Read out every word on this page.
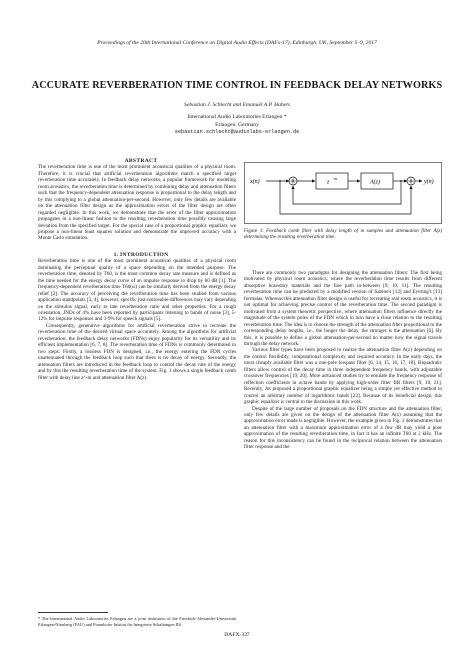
Proceedings of the 20th International Conference on Digital Audio Effects (DAFx-17), Edinburgh, UK, September 5–9, 2017
ACCURATE REVERBERATION TIME CONTROL IN FEEDBACK DELAY NETWORKS
Sebastian J. Schlecht and Emanuël A.P. Habets
International Audio Laboratories Erlangen *
Erlangen, Germany
sebastian.schlecht@audiolabs-erlangen.de

ABSTRACT

The reverberation time is one of the most prominent acoustical qualities of a physical room. Therefore, it is crucial that artificial reverberation algorithms match a specified target reverberation time accurately. In feedback delay networks, a popular framework for modeling room acoustics, the reverberation time is determined by combining delay and attenuation filters such that the frequency-dependent attenuation response is proportional to the delay length and by this complying to a global attenuation-per-second. However, only few details are available on the attenuation filter design as the approximation errors of the filter design are often regarded negligible. In this work, we demonstrate that the error of the filter approximation propagates in a non-linear fashion to the resulting reverberation time possibly causing large deviation from the specified target. For the special case of a proportional graphic equalizer, we propose a non-linear least squares solution and demonstrate the improved accuracy with a Monte Carlo simulation.

1. INTRODUCTION

Reverberation time is one of the most prominent acoustical qualities of a physical room dominating the perceptual quality of a space depending on the intended purpose. The reverberation time, denoted by T60, is the most common decay rate measure and is defined as the time needed for the energy decay curve of an impulse response to drop by 60 dB [1]. The frequency-dependent reverberation time T60(ω) can be similarly derived from the energy decay relief [2]. The accuracy of perceiving the reverberation time has been studied from various application standpoints [3, 4], however, specific just-noticeable-differences may vary depending on the stimulus signal, early to late reverberation ratio and other properties. For a rough orientation, JNDs of 4% have been reported by participants listening to bands of noise [3], 5-12% for impulse responses and 3-9% for speech signals [5].

Consequently, generative algorithms for artificial reverberation strive to recreate the reverberation time of the desired virtual space accurately. Among the algorithms for artificial reverberation, the feedback delay networks (FDNs) enjoy popularity for its versatility and its efficient implementation [6, 7, 8]. The reverberation time of FDNs is commonly determined in two steps: Firstly, a lossless FDN is designed, i.e., the energy entering the FDN cycles unattenuated through the feedback loop such that there is no decay of energy. Secondly, the attenuation filters are introduced in the feedback loop to control the decay rate of the energy and by this the resulting reverberation time of the system. Fig. 1 shows a single feedback comb filter with delay line z^-m and attenuation filter A(z).

* The International Audio Laboratories Erlangen are a joint institution of the Friedrich-Alexander-Universität Erlangen-Nürnberg (FAU) and Fraunhofer Institut für Integrierte Schaltungen IIS.
x(n)	z
−m
A(z)	y(n)
Figure 1: Feedback comb filter with delay length of m samples and attenuation filter A(z) determining the resulting reverberation time.

There are commonly two paradigms for designing the attenuation filters: The first being motivated by physical room acoustics, where the reverberation time results from different absorptive boundary materials and the free path in-between [9, 10, 11]. The resulting reverberation time can be predicted by a modified version of Sabine's [12] and Eyering's [13] formulas. Whereas this attenuation filter design is useful for recreating real room acoustics, it is not optimal for achieving precise control of the reverberation time. The second paradigm is motivated from a system theoretic perspective, where attenuation filters influence directly the magnitude of the system poles of the FDN which in turn have a close relation to the resulting reverberation time. The idea is to choose the strength of the attenuation filter proportional to the corresponding delay lengths, i.e., the longer the delay, the stronger is the attenuation [6]. By this, it is possible to define a global attenuation-per-second no matter how the signal travels through the delay network.

Various filter types have been proposed to realize the attenuation filter A(z) depending on the control flexibility, computational complexity and required accuracy. In the early days, the most cheaply available filter was a one-pole lowpass filter [6, 14, 15, 16, 17, 18]. Biquadratic filters allow control of the decay time in three independent frequency bands, with adjustable crossover frequencies [19, 20]. More advanced studies try to emulate the frequency response of reflection coefficients in octave bands by applying high-order filter IIR filters [9, 10, 21]. Recently, Jot proposed a proportional graphic equalizer being a simple yet effective method to control an arbitrary number of logarithmic bands [22]. Because of its beneficial design, this graphic equalizer is central to the discussion in this work.

Despite of the large number of proposals on the FDN structure and the attenuation filter, only few details are given on the design of the attenuation filter A(z) assuming that the approximation error made is negligible. However, the example given in Fig. 2 demonstrates that an attenuation filter with a maximum approximation error of a few dB may yield a poor approximation of the resulting reverberation time, in fact it has an infinite T60 at 2 kHz. The reason for this inconsistency can be found in the reciprocal relation between the attenuation filter response and the

DAFX-337
